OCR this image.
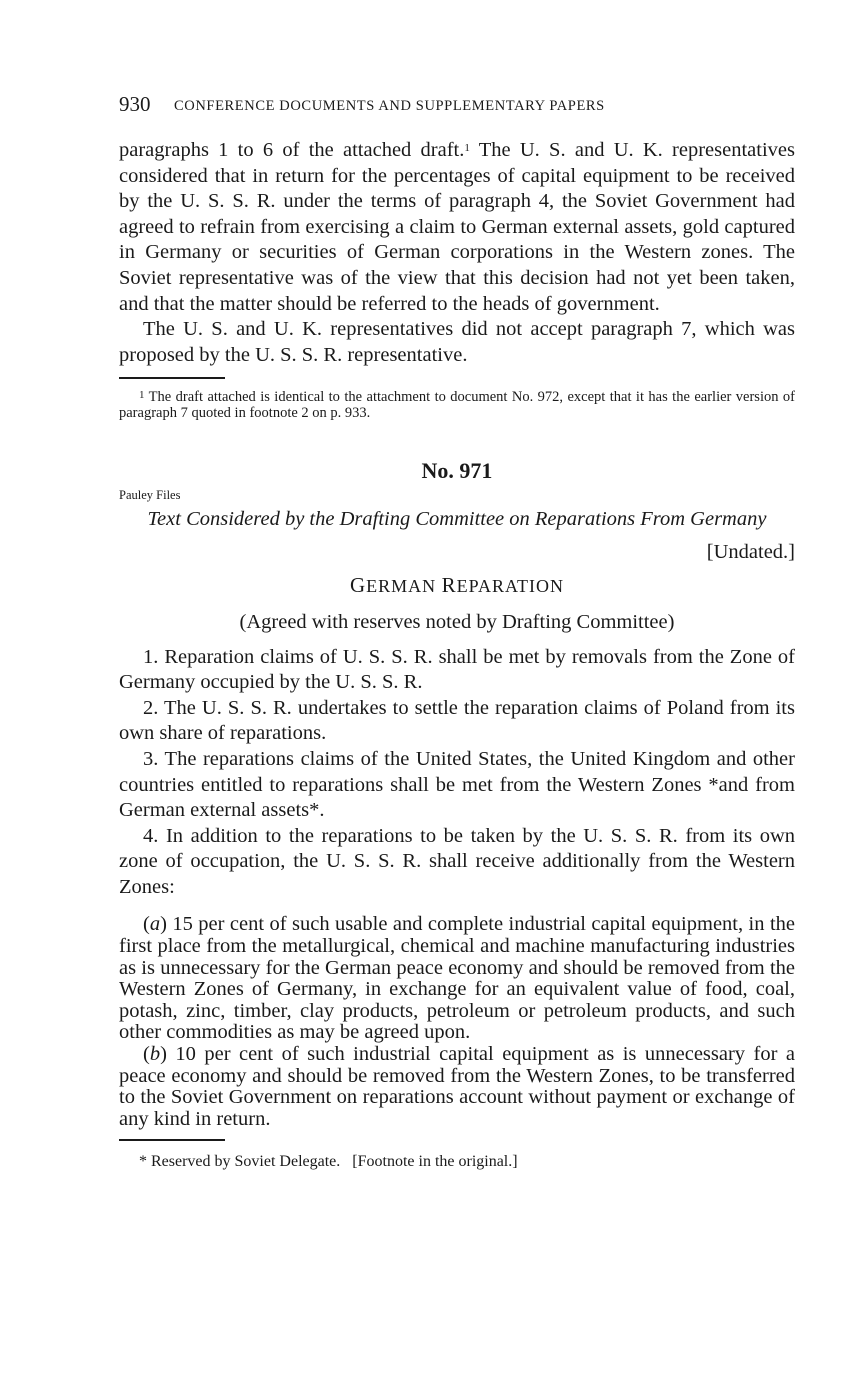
930 CONFERENCE DOCUMENTS AND SUPPLEMENTARY PAPERS

paragraphs 1 to 6 of the attached draft.$^1$ The U. S. and U. K. representatives considered that in return for the percentages of capital equipment to be received by the U. S. S. R. under the terms of paragraph 4, the Soviet Government had agreed to refrain from exercising a claim to German external assets, gold captured in Germany or securities of German corporations in the Western zones. The Soviet representative was of the view that this decision had not yet been taken, and that the matter should be referred to the heads of government.

The U. S. and U. K. representatives did not accept paragraph 7, which was proposed by the U. S. S. R. representative.

$^1$ The draft attached is identical to the attachment to document No. 972, except that it has the earlier version of paragraph 7 quoted in footnote 2 on p. 933.

No. 971

Pauley Files

Text Considered by the Drafting Committee on Reparations From Germany

[Undated.]

GERMAN REPARATION

(Agreed with reserves noted by Drafting Committee)

1. Reparation claims of U. S. S. R. shall be met by removals from the Zone of Germany occupied by the U. S. S. R.

2. The U. S. S. R. undertakes to settle the reparation claims of Poland from its own share of reparations.

3. The reparations claims of the United States, the United Kingdom and other countries entitled to reparations shall be met from the Western Zones *and from German external assets*.

4. In addition to the reparations to be taken by the U. S. S. R. from its own zone of occupation, the U. S. S. R. shall receive additionally from the Western Zones:

(a) 15 per cent of such usable and complete industrial capital equipment, in the first place from the metallurgical, chemical and machine manufacturing industries as is unnecessary for the German peace economy and should be removed from the Western Zones of Germany, in exchange for an equivalent value of food, coal, potash, zinc, timber, clay products, petroleum or petroleum products, and such other commodities as may be agreed upon.

(b) 10 per cent of such industrial capital equipment as is unnecessary for a peace economy and should be removed from the Western Zones, to be transferred to the Soviet Government on reparations account without payment or exchange of any kind in return.

* Reserved by Soviet Delegate.   [Footnote in the original.]
